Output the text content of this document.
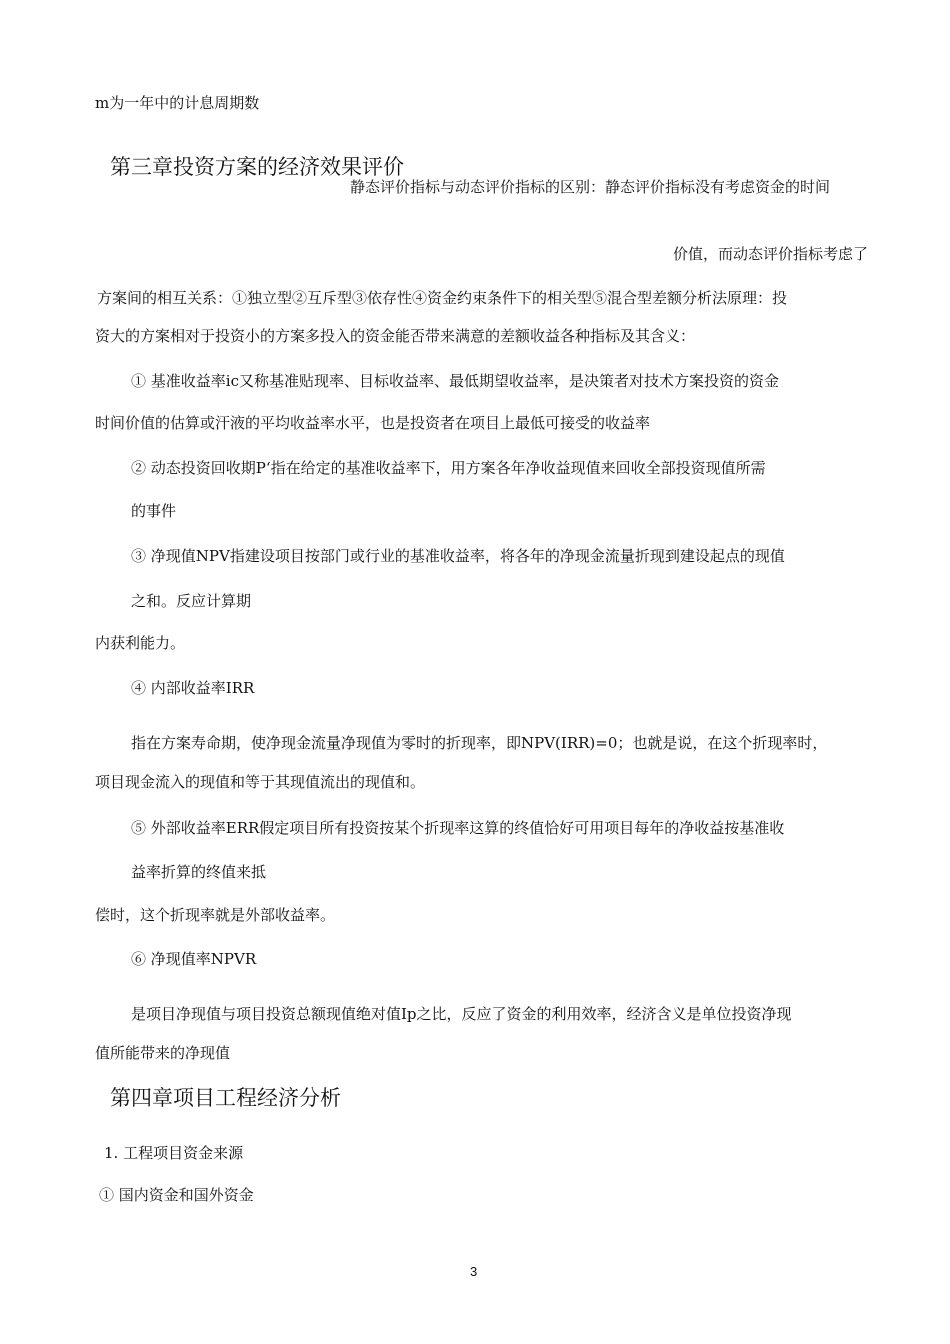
m为一年中的计息周期数
第三章投资方案的经济效果评价
静态评价指标与动态评价指标的区别：静态评价指标没有考虑资金的时间
价值，而动态评价指标考虑了
方案间的相互关系：①独立型②互斥型③依存性④资金约束条件下的相关型⑤混合型差额分析法原理：投
资大的方案相对于投资小的方案多投入的资金能否带来满意的差额收益各种指标及其含义：
① 基准收益率ic又称基准贴现率、目标收益率、最低期望收益率，是决策者对技术方案投资的资金
时间价值的估算或汗液的平均收益率水平，也是投资者在项目上最低可接受的收益率
② 动态投资回收期P‘指在给定的基准收益率下，用方案各年净收益现值来回收全部投资现值所需
的事件
③ 净现值NPV指建设项目按部门或行业的基准收益率，将各年的净现金流量折现到建设起点的现值
之和。反应计算期
内获利能力。
④ 内部收益率IRR
指在方案寿命期，使净现金流量净现值为零时的折现率，即NPV(IRR)=0；也就是说，在这个折现率时，
项目现金流入的现值和等于其现值流出的现值和。
⑤ 外部收益率ERR假定项目所有投资按某个折现率这算的终值恰好可用项目每年的净收益按基准收
益率折算的终值来抵
偿时，这个折现率就是外部收益率。
⑥ 净现值率NPVR
是项目净现值与项目投资总额现值绝对值Ip之比，反应了资金的利用效率，经济含义是单位投资净现
值所能带来的净现值
第四章项目工程经济分析
1. 工程项目资金来源
① 国内资金和国外资金
3
